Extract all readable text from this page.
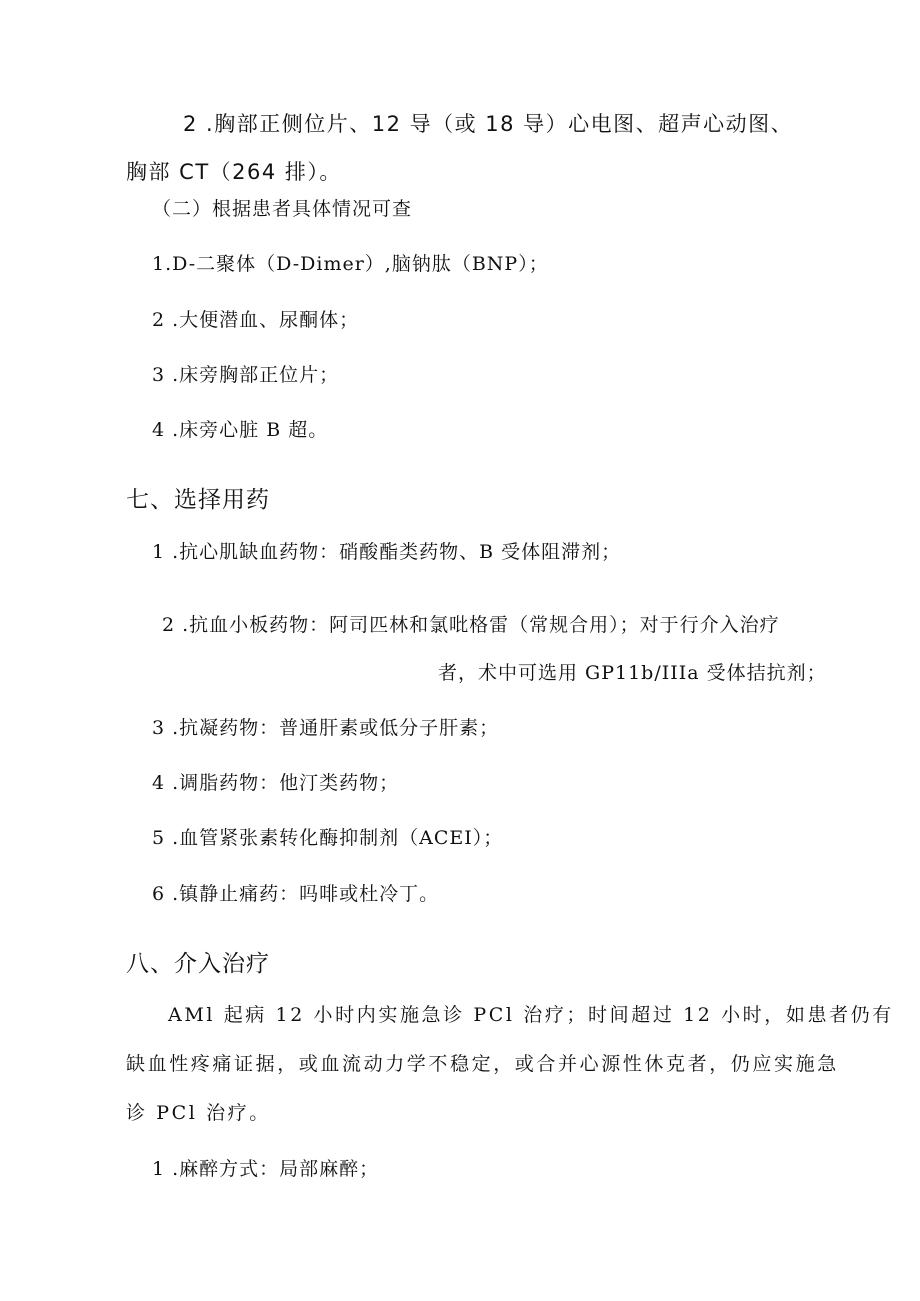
2 .胸部正侧位片、12 导（或 18 导）心电图、超声心动图、
胸部 CT（264 排）。
（二）根据患者具体情况可查
1.D-二聚体（D-Dimer）,脑钠肽（BNP）；
2 .大便潜血、尿酮体；
3 .床旁胸部正位片；
4 .床旁心脏 B 超。
七、选择用药
1 .抗心肌缺血药物：硝酸酯类药物、B 受体阻滞剂；
2 .抗血小板药物：阿司匹林和氯吡格雷（常规合用）；对于行介入治疗
者，术中可选用 GP11b/IIIa 受体拮抗剂；
3 .抗凝药物：普通肝素或低分子肝素；
4 .调脂药物：他汀类药物；
5 .血管紧张素转化酶抑制剂（ACEI）；
6 .镇静止痛药：吗啡或杜冷丁。
八、介入治疗
AMl 起病 12 小时内实施急诊 PCl 治疗；时间超过 12 小时，如患者仍有
缺血性疼痛证据，或血流动力学不稳定，或合并心源性休克者，仍应实施急
诊 PCl 治疗。
1 .麻醉方式：局部麻醉；
